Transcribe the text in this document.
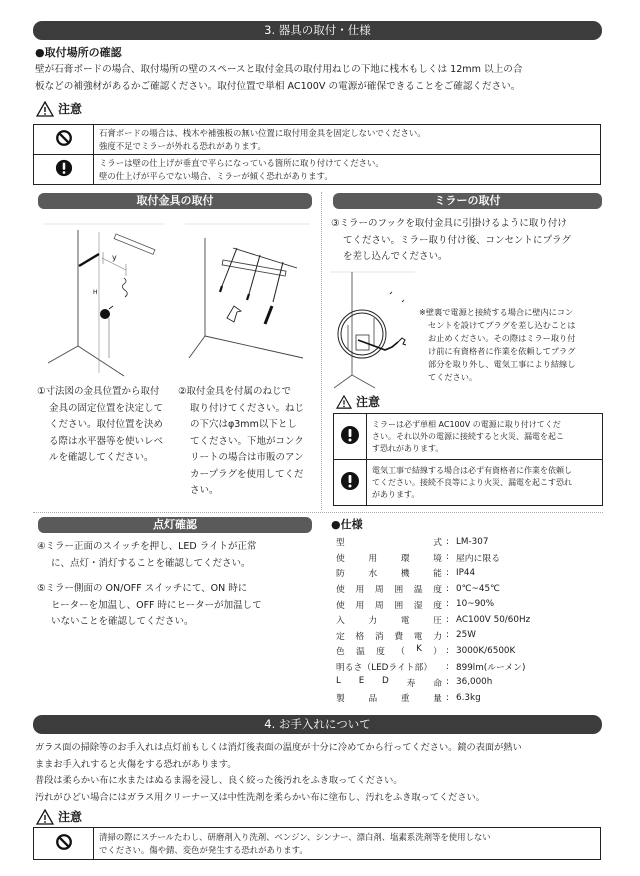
3. 器具の取付・仕様
●取付場所の確認
壁が石膏ボードの場合、取付場所の壁のスペースと取付金具の取付用ねじの下地に桟木もしくは 12mm 以上の合
板などの補強材があるかご確認ください。取付位置で単相 AC100V の電源が確保できることをご確認ください。
注意

石膏ボードの場合は、桟木や補強板の無い位置に取付用金具を固定しないでください。
強度不足でミラーが外れる恐れがあります。

ミラーは壁の仕上げが垂直で平らになっている箇所に取り付けてください。
壁の仕上げが平らでない場合、ミラーが傾く恐れがあります。
取付金具の取付
y
H
①寸法図の金具位置から取付
金具の固定位置を決定して
ください。取付位置を決め
る際は水平器等を使いレベ
ルを確認してください。
②取付金具を付属のねじで
取り付けてください。ねじ
の下穴はφ3mm以下とし
てください。下地がコンク
リートの場合は市販のアン
カープラグを使用してくだ
さい。
ミラーの取付
③ミラーのフックを取付金具に引掛けるように取り付け
てください。ミラー取り付け後、コンセントにプラグ
を差し込んでください。
※壁裏で電源と接続する場合に壁内にコン
セントを設けてプラグを差し込むことは
お止めください。その際はミラー取り付
け前に有資格者に作業を依頼してプラグ
部分を取り外し、電気工事により結線し
てください。
注意

ミラーは必ず単相 AC100V の電源に取り付けてくだ
さい。それ以外の電源に接続すると火災、漏電を起こ
す恐れがあります。

電気工事で結線する場合は必ず有資格者に作業を依頼し
てください。接続不良等により火災、漏電を起こす恐れ
があります。
点灯確認
④ミラー正面のスイッチを押し、LED ライトが正常
に、点灯・消灯することを確認してください。
⑤ミラー側面の ON/OFF スイッチにて、ON 時に
ヒーターを加温し、OFF 時にヒーターが加温して
いないことを確認してください。
●仕様
型	式 : LM-307
使	用	環	境 : 屋内に限る
防	水	機	能 : IP44
使 用 周 囲 温 度 : 0℃~45℃
使 用 周 囲 湿 度 : 10~90%
入	力	電	圧 : AC100V 50/60Hz
定 格 消 費 電 力 : 25W
色 温 度 （ K ） : 3000K/6500K
明るさ（LEDライト部） : 899lm(ルーメン)
L E D 寿 命 : 36,000h
製	品	重	量 : 6.3kg
4. お手入れについて
ガラス面の掃除等のお手入れは点灯前もしくは消灯後表面の温度が十分に冷めてから行ってください。鏡の表面が熱い
ままお手入れすると火傷をする恐れがあります。
普段は柔らかい布に水またはぬるま湯を浸し、良く絞った後汚れをふき取ってください。
汚れがひどい場合にはガラス用クリーナー又は中性洗剤を柔らかい布に塗布し、汚れをふき取ってください。
注意

清掃の際にスチールたわし、研磨剤入り洗剤、ベンジン、シンナー、漂白剤、塩素系洗剤等を使用しない
でください。傷や錆、変色が発生する恐れがあります。
